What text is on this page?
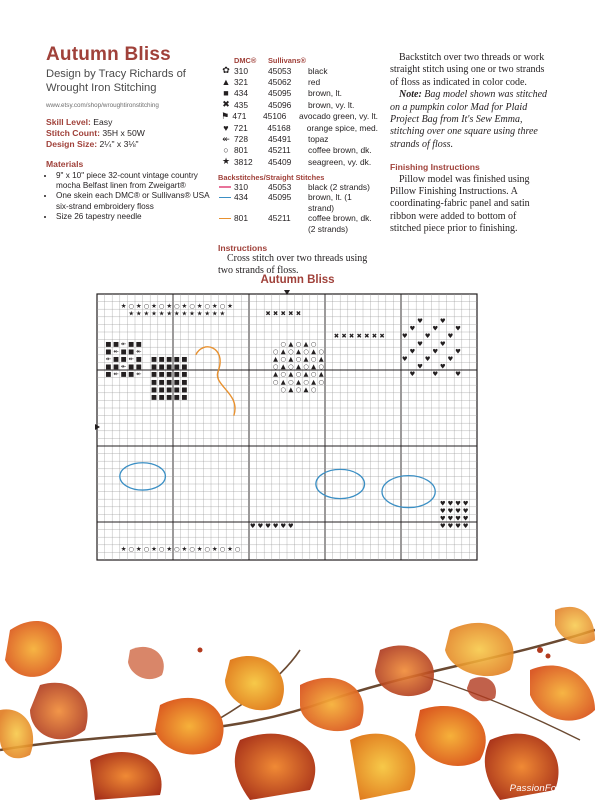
Autumn Bliss
Design by Tracy Richards of
Wrought Iron Stitching
www.etsy.com/shop/wroughtironstitching
Skill Level: Easy
Stitch Count: 35H x 50W
Design Size: 2¼" x 3⅛"
Materials
• 9" x 10" piece 32-count vintage country mocha Belfast linen from Zweigart®
• One skein each DMC® or Sullivans® USA six-strand embroidery floss
• Size 26 tapestry needle
DMC®	Sullivans®
✿ 310	45053	black
▲ 321	45062	red
■ 434	45095	brown, lt.
✖ 435	45096	brown, vy. lt.
⚑ 471	45106	avocado green, vy. lt.
♥ 721	45168	orange spice, med.
↞ 728	45491	topaz
○ 801	45211	coffee brown, dk.
★ 3812	45409	seagreen, vy. dk.
Backstitches/Straight Stitches
310	45053	black (2 strands)
434	45095	brown, lt. (1 strand)
801	45211	coffee brown, dk. (2 strands)
Instructions
Cross stitch over two threads using two strands of floss.

Backstitch over two threads or work straight stitch using one or two strands of floss as indicated in color code.

Note: Bag model shown was stitched on a pumpkin color Mad for Plaid Project Bag from It's Sew Emma, stitching over one square using three strands of floss.

Finishing Instructions

Pillow model was finished using Pillow Finishing Instructions. A coordinating-fabric panel and satin ribbon were added to bottom of stitched piece prior to finishing.

Autumn Bliss
★ ○ ★ ○ ★ ○ ★ ○ ★ ○ ★ ○ ★ ○ ★
★ ★ ★ ★ ★ ★ ★ ★ ★ ★ ★ ★ ★
■ ■ ↞ ■ ■
■ ↞ ■ ■ ↞
↞ ■ ■ ↞ ■
■ ■ ↞ ■ ■
■ ↞ ■ ■ ↞
■ ■ ■ ■ ■
■ ■ ■ ■ ■
■ ■ ■ ■ ■
■ ■ ■ ■ ■
■ ■ ■ ■ ■
■ ■ ■ ■ ■
○ ▲ ○ ▲ ○
○ ▲ ○ ▲ ○ ▲ ○
▲ ○ ▲ ○ ▲ ○ ▲
○ ▲ ○ ▲ ○ ▲ ○
▲ ○ ▲ ○ ▲ ○ ▲
○ ▲ ○ ▲ ○ ▲ ○
○ ▲ ○ ▲ ○
♥	♥
♥	♥	♥
♥	♥	♥
♥	♥
♥	♥	♥
♥	♥	♥
♥	♥
♥	♥	♥
✖ ✖ ✖ ✖ ✖
✖ ✖ ✖ ✖ ✖ ✖ ✖
★ ○ ★ ○ ★ ○ ★ ○ ★ ○ ★ ○ ★ ○ ★ ○
♥ ♥ ♥ ♥ ♥ ♥
♥ ♥ ♥ ♥
♥ ♥ ♥ ♥
♥ ♥ ♥ ♥
♥ ♥ ♥ ♥
PassionForum.ru
